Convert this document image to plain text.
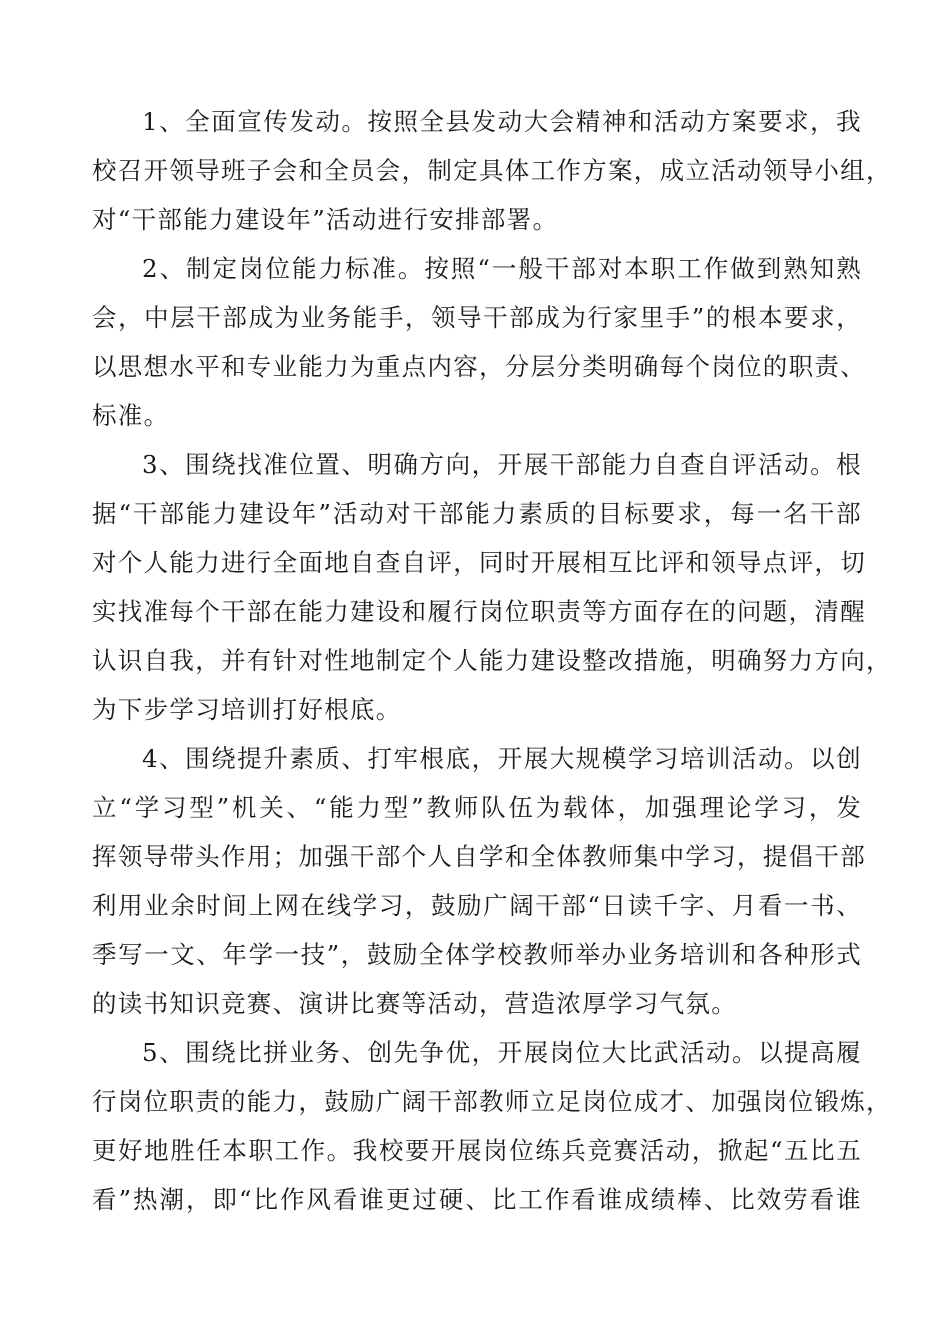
1、全面宣传发动。按照全县发动大会精神和活动方案要求，我
校召开领导班子会和全员会，制定具体工作方案，成立活动领导小组，
对“干部能力建设年”活动进行安排部署。
2、制定岗位能力标准。按照“一般干部对本职工作做到熟知熟
会，中层干部成为业务能手，领导干部成为行家里手”的根本要求，
以思想水平和专业能力为重点内容，分层分类明确每个岗位的职责、
标准。
3、围绕找准位置、明确方向，开展干部能力自查自评活动。根
据“干部能力建设年”活动对干部能力素质的目标要求，每一名干部
对个人能力进行全面地自查自评，同时开展相互比评和领导点评，切
实找准每个干部在能力建设和履行岗位职责等方面存在的问题，清醒
认识自我，并有针对性地制定个人能力建设整改措施，明确努力方向，
为下步学习培训打好根底。
4、围绕提升素质、打牢根底，开展大规模学习培训活动。以创
立“学习型”机关、“能力型”教师队伍为载体，加强理论学习，发
挥领导带头作用；加强干部个人自学和全体教师集中学习，提倡干部
利用业余时间上网在线学习，鼓励广阔干部“日读千字、月看一书、
季写一文、年学一技”，鼓励全体学校教师举办业务培训和各种形式
的读书知识竞赛、演讲比赛等活动，营造浓厚学习气氛。
5、围绕比拼业务、创先争优，开展岗位大比武活动。以提高履
行岗位职责的能力，鼓励广阔干部教师立足岗位成才、加强岗位锻炼，
更好地胜任本职工作。我校要开展岗位练兵竞赛活动，掀起“五比五
看”热潮，即“比作风看谁更过硬、比工作看谁成绩棒、比效劳看谁
